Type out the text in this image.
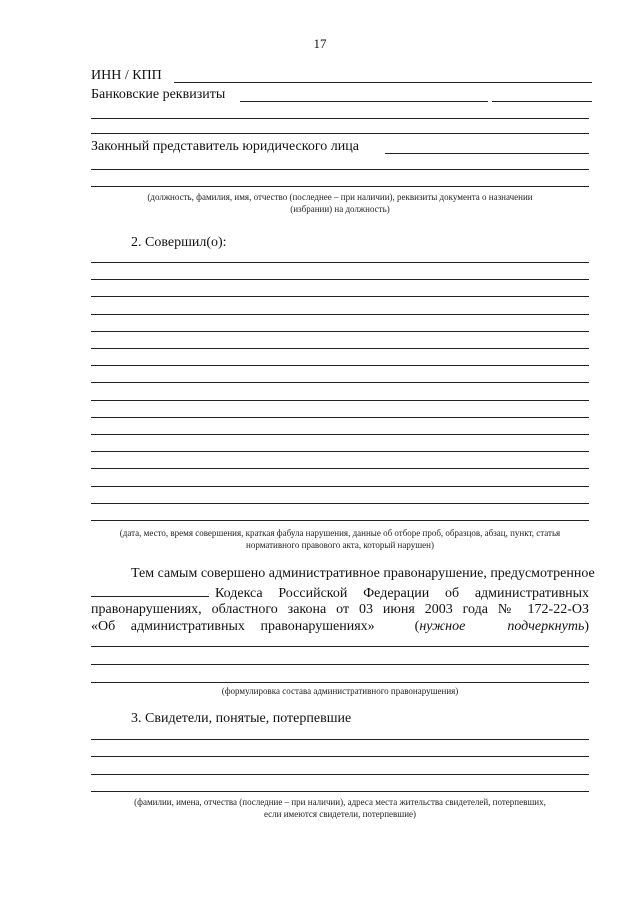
17
ИНН / КПП
Банковские реквизиты
Законный представитель юридического лица
(должность, фамилия, имя, отчество (последнее – при наличии), реквизиты документа о назначении (избрании) на должность)
2. Совершил(о):
(дата, место, время совершения, краткая фабула нарушения, данные об отборе проб, образцов, абзац, пункт, статья нормативного правового акта, который нарушен)
Тем самым совершено административное правонарушение, предусмотренное
Кодекса Российской Федерации об административных
правонарушениях, областного закона от 03 июня 2003 года № 172-22-ОЗ
«Об административных правонарушениях»	( нужное подчеркнуть )
(формулировка состава административного правонарушения)
3. Свидетели, понятые, потерпевшие
(фамилии, имена, отчества (последние – при наличии), адреса места жительства свидетелей, потерпевших, если имеются свидетели, потерпевшие)
